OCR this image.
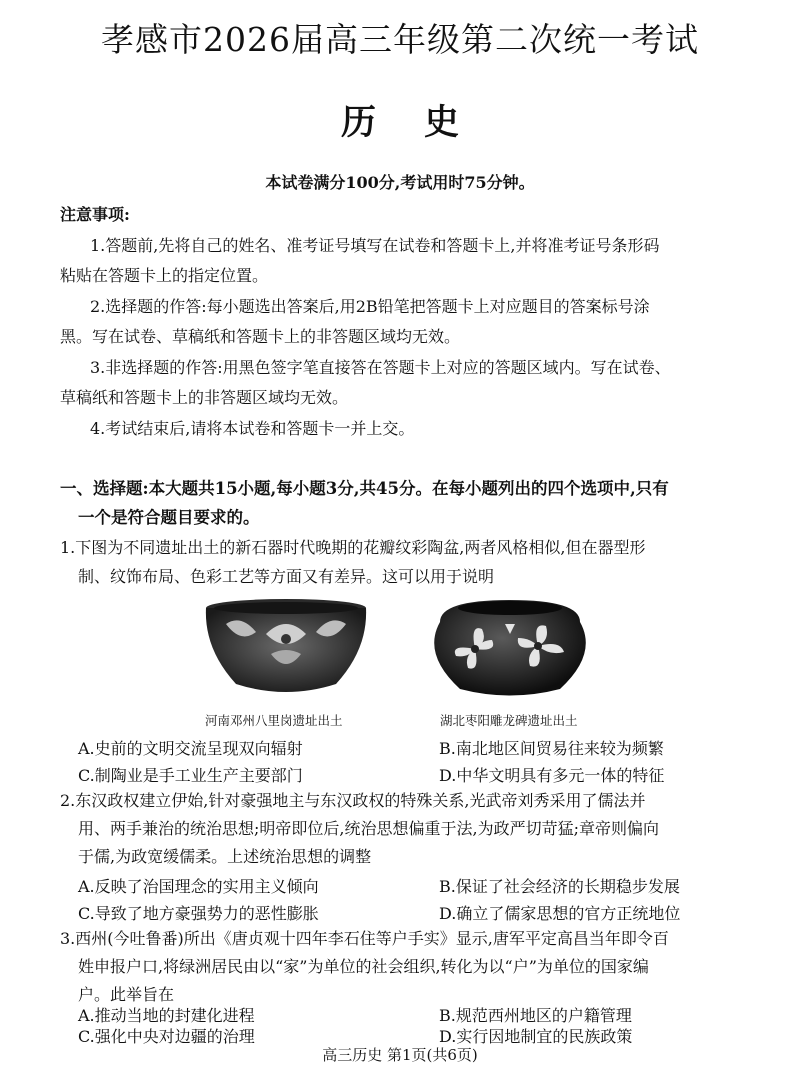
孝感市2026届高三年级第二次统一考试
历史
本试卷满分100分,考试用时75分钟。
注意事项:
1.答题前,先将自己的姓名、准考证号填写在试卷和答题卡上,并将准考证号条形码
粘贴在答题卡上的指定位置。
2.选择题的作答:每小题选出答案后,用2B铅笔把答题卡上对应题目的答案标号涂
黑。写在试卷、草稿纸和答题卡上的非答题区域均无效。
3.非选择题的作答:用黑色签字笔直接答在答题卡上对应的答题区域内。写在试卷、
草稿纸和答题卡上的非答题区域均无效。
4.考试结束后,请将本试卷和答题卡一并上交。
一、选择题:本大题共15小题,每小题3分,共45分。在每小题列出的四个选项中,只有
一个是符合题目要求的。
1.下图为不同遗址出土的新石器时代晚期的花瓣纹彩陶盆,两者风格相似,但在器型形
制、纹饰布局、色彩工艺等方面又有差异。这可以用于说明
河南邓州八里岗遗址出土	湖北枣阳雕龙碑遗址出土
A.史前的文明交流呈现双向辐射	B.南北地区间贸易往来较为频繁
C.制陶业是手工业生产主要部门	D.中华文明具有多元一体的特征
2.东汉政权建立伊始,针对豪强地主与东汉政权的特殊关系,光武帝刘秀采用了儒法并
用、两手兼治的统治思想;明帝即位后,统治思想偏重于法,为政严切苛猛;章帝则偏向
于儒,为政宽缓儒柔。上述统治思想的调整
A.反映了治国理念的实用主义倾向	B.保证了社会经济的长期稳步发展
C.导致了地方豪强势力的恶性膨胀	D.确立了儒家思想的官方正统地位
3.西州(今吐鲁番)所出《唐贞观十四年李石住等户手实》显示,唐军平定高昌当年即令百
姓申报户口,将绿洲居民由以“家”为单位的社会组织,转化为以“户”为单位的国家编
户。此举旨在
A.推动当地的封建化进程	B.规范西州地区的户籍管理
C.强化中央对边疆的治理	D.实行因地制宜的民族政策
高三历史 第1页(共6页)
